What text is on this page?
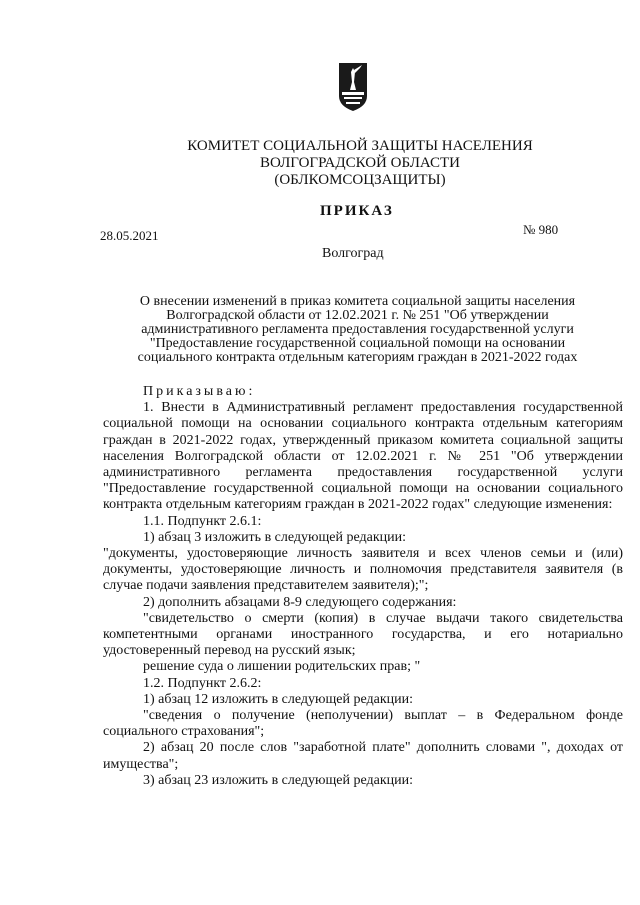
КОМИТЕТ СОЦИАЛЬНОЙ ЗАЩИТЫ НАСЕЛЕНИЯ
ВОЛГОГРАДСКОЙ ОБЛАСТИ
(ОБЛКОМСОЦЗАЩИТЫ)
ПРИКАЗ
28.05.2021	№ 980
Волгоград
О внесении изменений в приказ комитета социальной защиты населения
Волгоградской области от 12.02.2021 г. № 251 "Об утверждении
административного регламента предоставления государственной услуги
"Предоставление государственной социальной помощи на основании
социального контракта отдельным категориям граждан в 2021-2022 годах

Приказываю:

1. Внести в Административный регламент предоставления государственной социальной помощи на основании социального контракта отдельным категориям граждан в 2021-2022 годах, утвержденный приказом комитета социальной защиты населения Волгоградской области от 12.02.2021 г. № 251 "Об утверждении административного регламента предоставления государственной услуги "Предоставление государственной социальной помощи на основании социального контракта отдельным категориям граждан в 2021-2022 годах" следующие изменения:

1.1. Подпункт 2.6.1:

1) абзац 3 изложить в следующей редакции:

"документы, удостоверяющие личность заявителя и всех членов семьи и (или) документы, удостоверяющие личность и полномочия представителя заявителя (в случае подачи заявления представителем заявителя);";

2) дополнить абзацами 8-9 следующего содержания:

"свидетельство о смерти (копия) в случае выдачи такого свидетельства компетентными органами иностранного государства, и его нотариально удостоверенный перевод на русский язык;

решение суда о лишении родительских прав; "

1.2. Подпункт 2.6.2:

1) абзац 12 изложить в следующей редакции:

"сведения о получение (неполучении) выплат – в Федеральном фонде социального страхования";

2) абзац 20 после слов "заработной плате" дополнить словами ", доходах от имущества";

3) абзац 23 изложить в следующей редакции:
